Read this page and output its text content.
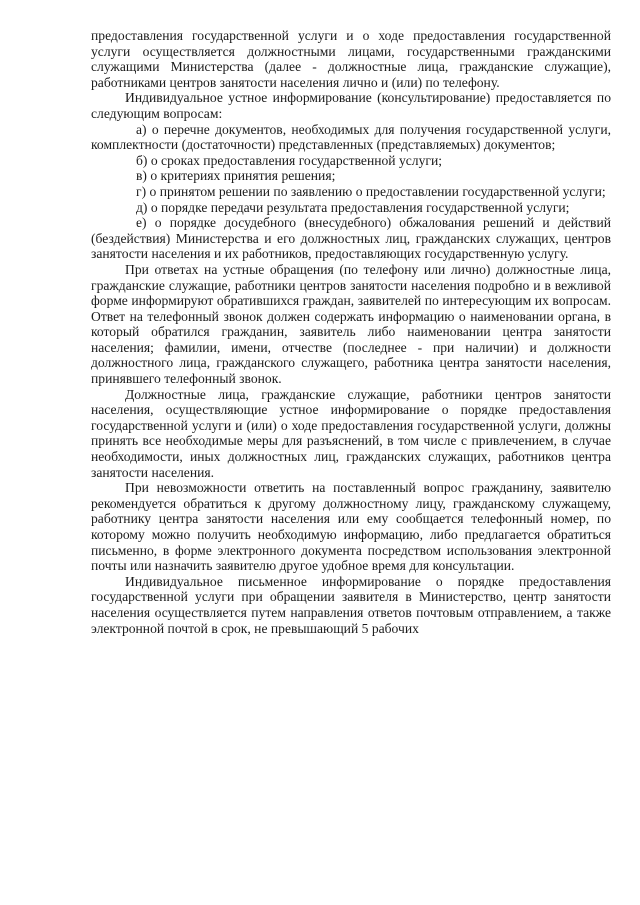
предоставления государственной услуги и о ходе предоставления государственной услуги осуществляется должностными лицами, государственными гражданскими служащими Министерства (далее - должностные лица, гражданские служащие), работниками центров занятости населения лично и (или) по телефону.

Индивидуальное устное информирование (консультирование) предоставляется по следующим вопросам:

а) о перечне документов, необходимых для получения государственной услуги, комплектности (достаточности) представленных (представляемых) документов;

б) о сроках предоставления государственной услуги;

в) о критериях принятия решения;

г) о принятом решении по заявлению о предоставлении государственной услуги;

д) о порядке передачи результата предоставления государственной услуги;

е) о порядке досудебного (внесудебного) обжалования решений и действий (бездействия) Министерства и его должностных лиц, гражданских служащих, центров занятости населения и их работников, предоставляющих государственную услугу.

При ответах на устные обращения (по телефону или лично) должностные лица, гражданские служащие, работники центров занятости населения подробно и в вежливой форме информируют обратившихся граждан, заявителей по интересующим их вопросам. Ответ на телефонный звонок должен содержать информацию о наименовании органа, в который обратился гражданин, заявитель либо наименовании центра занятости населения; фамилии, имени, отчестве (последнее - при наличии) и должности должностного лица, гражданского служащего, работника центра занятости населения, принявшего телефонный звонок.

Должностные лица, гражданские служащие, работники центров занятости населения, осуществляющие устное информирование о порядке предоставления государственной услуги и (или) о ходе предоставления государственной услуги, должны принять все необходимые меры для разъяснений, в том числе с привлечением, в случае необходимости, иных должностных лиц, гражданских служащих, работников центра занятости населения.

При невозможности ответить на поставленный вопрос гражданину, заявителю рекомендуется обратиться к другому должностному лицу, гражданскому служащему, работнику центра занятости населения или ему сообщается телефонный номер, по которому можно получить необходимую информацию, либо предлагается обратиться письменно, в форме электронного документа посредством использования электронной почты или назначить заявителю другое удобное время для консультации.

Индивидуальное письменное информирование о порядке предоставления государственной услуги при обращении заявителя в Министерство, центр занятости населения осуществляется путем направления ответов почтовым отправлением, а также электронной почтой в срок, не превышающий 5 рабочих
